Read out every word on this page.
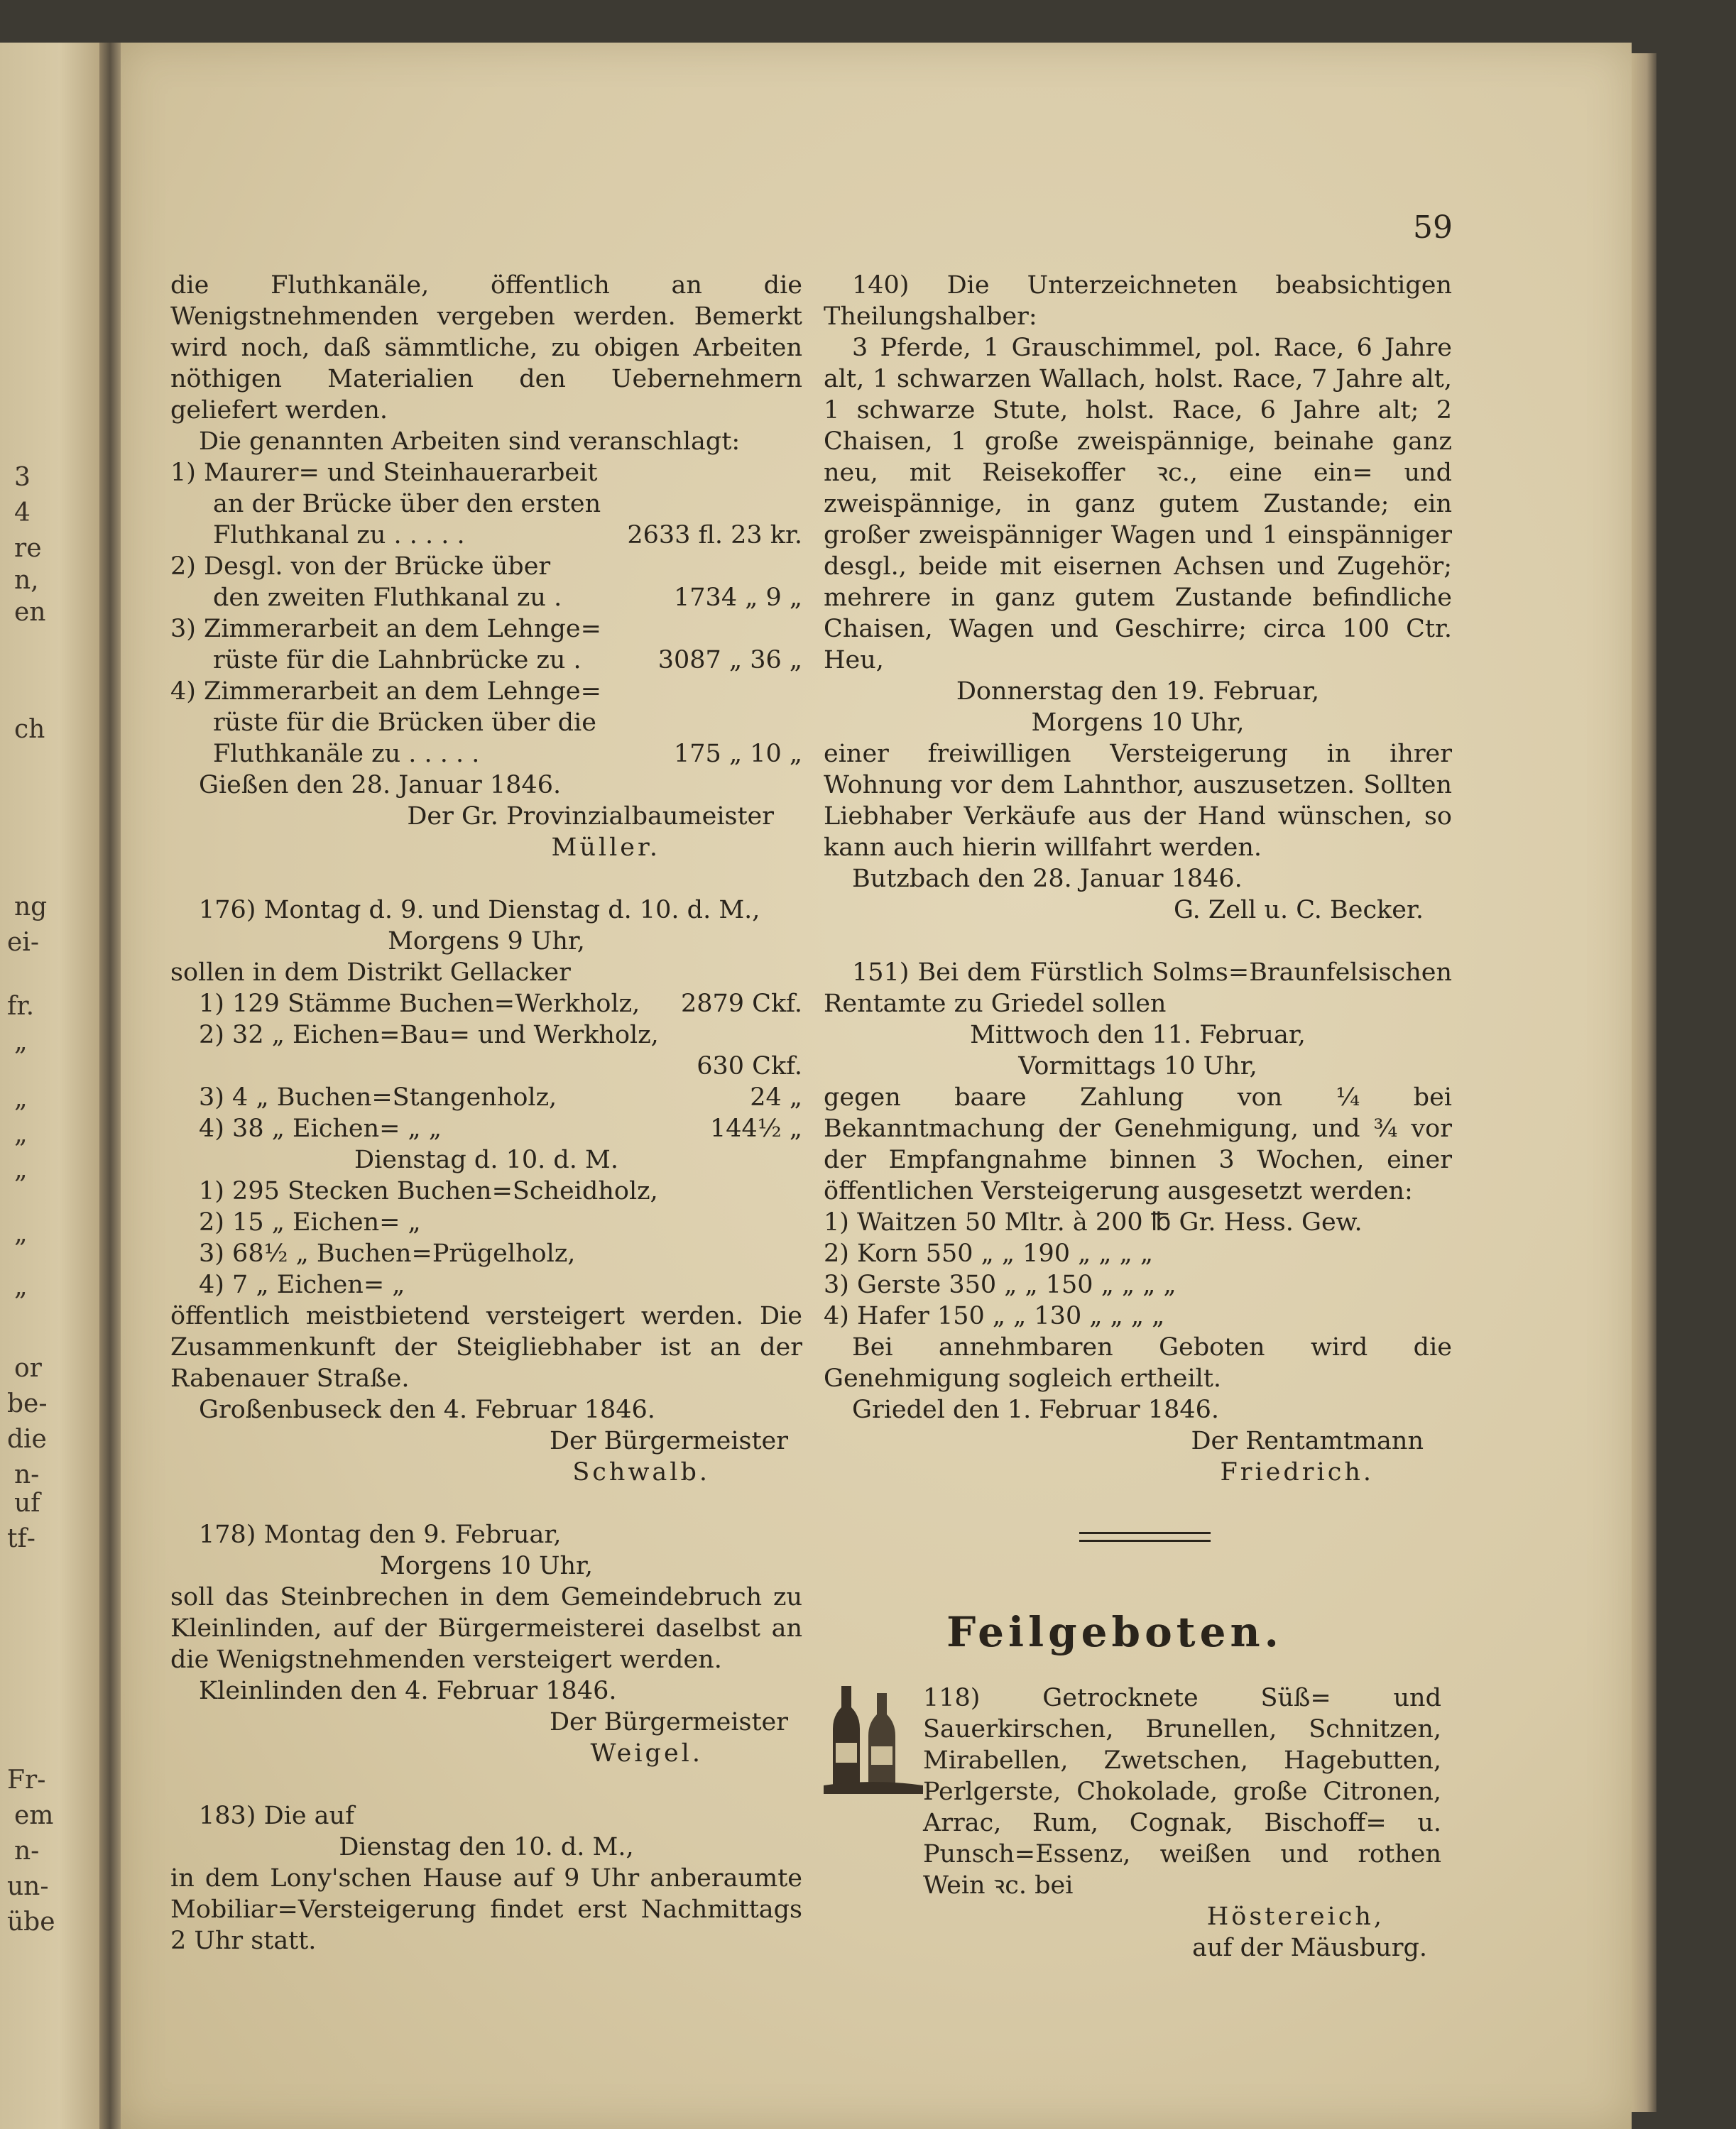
3
4
re
n,
en
ch
ng
ei‑
fr.
„
„
„
„
„
„
or
be‑
die
n‑
uf
tf‑
Fr‑
em
n‑
un‑
übe
59

die Fluthkanäle, öffentlich an die Wenigstnehmenden vergeben werden. Bemerkt wird noch, daß sämmtliche, zu obigen Arbeiten nöthigen Materialien den Uebernehmern geliefert werden.

Die genannten Arbeiten sind veranschlagt:

1) Maurer= und Steinhauerarbeit

an der Brücke über den ersten

Fluthkanal zu . . . . .	2633 fl. 23 kr.

2) Desgl. von der Brücke über

den zweiten Fluthkanal zu .	1734 „ 9 „

3) Zimmerarbeit an dem Lehnge=

rüste für die Lahnbrücke zu .	3087 „ 36 „

4) Zimmerarbeit an dem Lehnge=

rüste für die Brücken über die

Fluthkanäle zu . . . . .	175 „ 10 „

Gießen den 28. Januar 1846.

Der Gr. Provinzialbaumeister

Müller.

176) Montag d. 9. und Dienstag d. 10. d. M.,

Morgens 9 Uhr,

sollen in dem Distrikt Gellacker

1) 129 Stämme Buchen=Werkholz,	2879 Ckf.

2) 32 „ Eichen=Bau= und Werkholz,

630 Ckf.

3) 4 „ Buchen=Stangenholz,	24 „

4) 38 „ Eichen= „ „	144½ „

Dienstag d. 10. d. M.

1) 295 Stecken Buchen=Scheidholz,

2) 15 „ Eichen= „

3) 68½ „ Buchen=Prügelholz,

4) 7 „ Eichen= „

öffentlich meistbietend versteigert werden. Die Zusammenkunft der Steigliebhaber ist an der Rabenauer Straße.

Großenbuseck den 4. Februar 1846.

Der Bürgermeister

Schwalb.

178) Montag den 9. Februar,

Morgens 10 Uhr,

soll das Steinbrechen in dem Gemeindebruch zu Kleinlinden, auf der Bürgermeisterei daselbst an die Wenigstnehmenden versteigert werden.

Kleinlinden den 4. Februar 1846.

Der Bürgermeister

Weigel.

183) Die auf

Dienstag den 10. d. M.,

in dem Lony'schen Hause auf 9 Uhr anberaumte Mobiliar=Versteigerung findet erst Nachmittags 2 Uhr statt.

140) Die Unterzeichneten beabsichtigen Theilungshalber:

3 Pferde, 1 Grauschimmel, pol. Race, 6 Jahre alt, 1 schwarzen Wallach, holst. Race, 7 Jahre alt, 1 schwarze Stute, holst. Race, 6 Jahre alt; 2 Chaisen, 1 große zweispännige, beinahe ganz neu, mit Reisekoffer ꝛc., eine ein= und zweispännige, in ganz gutem Zustande; ein großer zweispänniger Wagen und 1 einspänniger desgl., beide mit eisernen Achsen und Zugehör; mehrere in ganz gutem Zustande befindliche Chaisen, Wagen und Geschirre; circa 100 Ctr. Heu,

Donnerstag den 19. Februar,

Morgens 10 Uhr,

einer freiwilligen Versteigerung in ihrer Wohnung vor dem Lahnthor, auszusetzen. Sollten Liebhaber Verkäufe aus der Hand wünschen, so kann auch hierin willfahrt werden.

Butzbach den 28. Januar 1846.

G. Zell u. C. Becker.

151) Bei dem Fürstlich Solms=Braunfelsischen Rentamte zu Griedel sollen

Mittwoch den 11. Februar,

Vormittags 10 Uhr,

gegen baare Zahlung von ¼ bei Bekanntmachung der Genehmigung, und ¾ vor der Empfangnahme binnen 3 Wochen, einer öffentlichen Versteigerung ausgesetzt werden:

1) Waitzen 50 Mltr. à 200 ℔ Gr. Hess. Gew.

2) Korn 550 „ „ 190 „ „ „ „

3) Gerste 350 „ „ 150 „ „ „ „

4) Hafer 150 „ „ 130 „ „ „ „

Bei annehmbaren Geboten wird die Genehmigung sogleich ertheilt.

Griedel den 1. Februar 1846.

Der Rentamtmann

Friedrich.

Feilgeboten.

118) Getrocknete Süß= und Sauerkirschen, Brunellen, Schnitzen, Mirabellen, Zwetschen, Hagebutten, Perlgerste, Chokolade, große Citronen, Arrac, Rum, Cognak, Bischoff= u. Punsch=Essenz, weißen und rothen Wein ꝛc. bei

Höstereich,

auf der Mäusburg.
